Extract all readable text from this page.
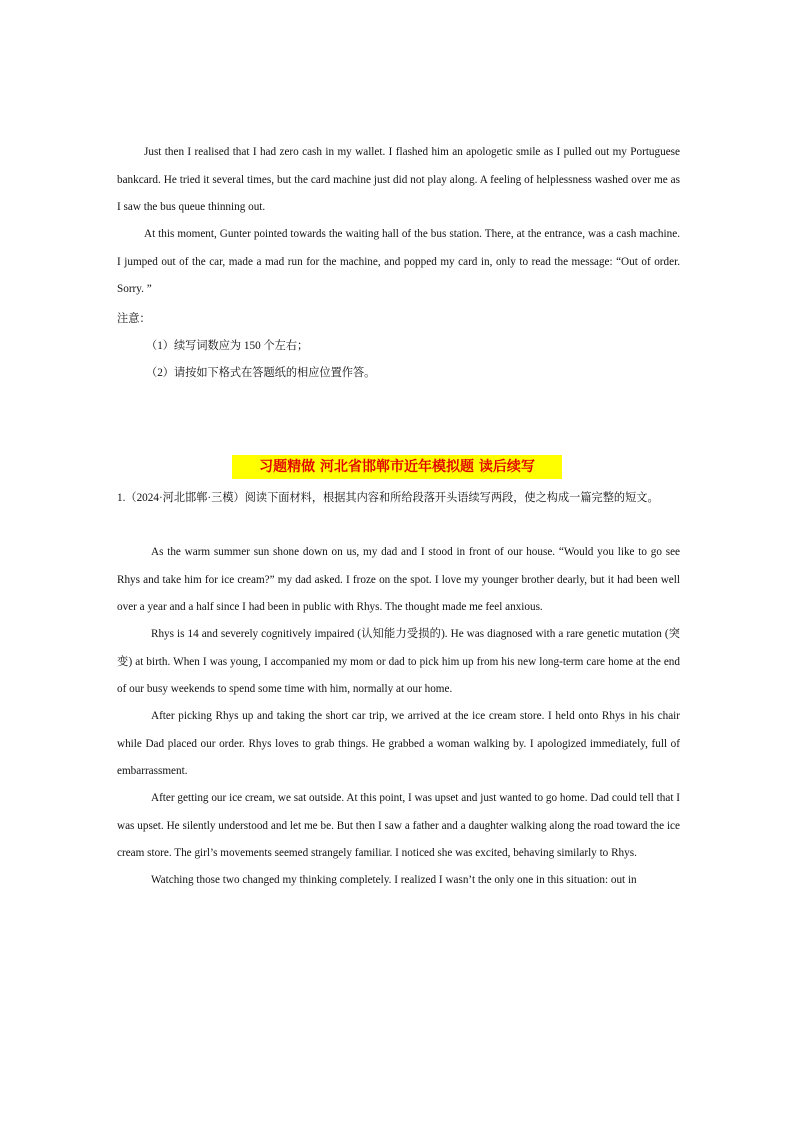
Just then I realised that I had zero cash in my wallet. I flashed him an apologetic smile as I pulled out my Portuguese bankcard. He tried it several times, but the card machine just did not play along. A feeling of helplessness washed over me as I saw the bus queue thinning out.

At this moment, Gunter pointed towards the waiting hall of the bus station. There, at the entrance, was a cash machine. I jumped out of the car, made a mad run for the machine, and popped my card in, only to read the message: “Out of order. Sorry. ”

注意：

（1）续写词数应为 150 个左右；

（2）请按如下格式在答题纸的相应位置作答。

习题精做 河北省邯郸市近年模拟题 读后续写

1.（2024·河北邯郸·三模）阅读下面材料，根据其内容和所给段落开头语续写两段，使之构成一篇完整的短文。

As the warm summer sun shone down on us, my dad and I stood in front of our house. “Would you like to go see Rhys and take him for ice cream?” my dad asked. I froze on the spot. I love my younger brother dearly, but it had been well over a year and a half since I had been in public with Rhys. The thought made me feel anxious.

Rhys is 14 and severely cognitively impaired (认知能力受损的). He was diagnosed with a rare genetic mutation (突变) at birth. When I was young, I accompanied my mom or dad to pick him up from his new long-term care home at the end of our busy weekends to spend some time with him, normally at our home.

After picking Rhys up and taking the short car trip, we arrived at the ice cream store. I held onto Rhys in his chair while Dad placed our order. Rhys loves to grab things. He grabbed a woman walking by. I apologized immediately, full of embarrassment.

After getting our ice cream, we sat outside. At this point, I was upset and just wanted to go home. Dad could tell that I was upset. He silently understood and let me be. But then I saw a father and a daughter walking along the road toward the ice cream store. The girl’s movements seemed strangely familiar. I noticed she was excited, behaving similarly to Rhys.

Watching those two changed my thinking completely. I realized I wasn’t the only one in this situation: out in
